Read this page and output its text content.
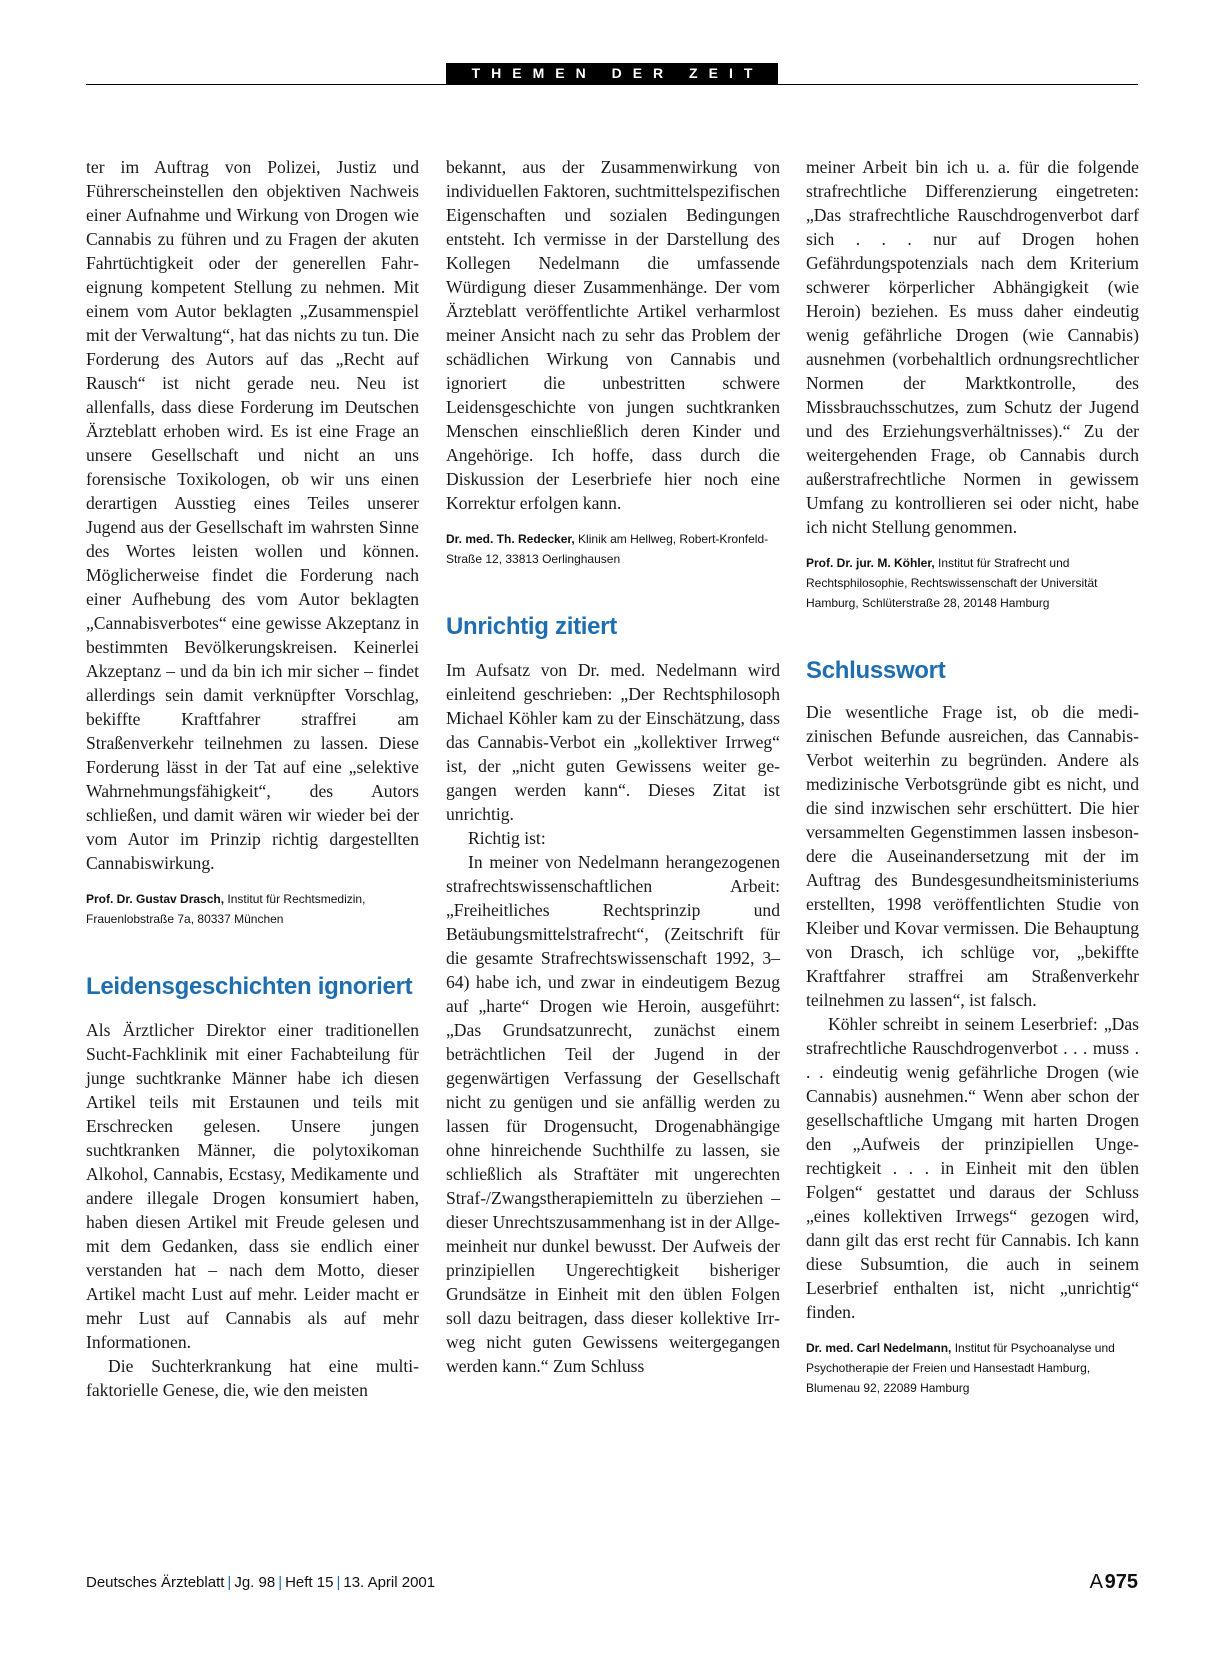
THEMEN DER ZEIT

ter im Auftrag von Polizei, Justiz und Führerscheinstellen den objektiven Nachweis einer Aufnahme und Wirkung von Drogen wie Cannabis zu führen und zu Fragen der akuten Fahrtüchtigkeit oder der generellen Fahreignung kompetent Stellung zu nehmen. Mit einem vom Autor beklagten „Zusammenspiel mit der Verwaltung“, hat das nichts zu tun. Die Forderung des Autors auf das „Recht auf Rausch“ ist nicht gerade neu. Neu ist allenfalls, dass diese Forderung im Deutschen Ärzteblatt erhoben wird. Es ist eine Frage an unsere Gesellschaft und nicht an uns forensische Toxikologen, ob wir uns einen derartigen Ausstieg eines Teiles unserer Jugend aus der Gesellschaft im wahrsten Sinne des Wortes leisten wollen und können. Möglicherweise findet die Forderung nach einer Aufhebung des vom Autor beklagten „Cannabisverbotes“ eine gewisse Akzeptanz in bestimmten Bevölkerungskreisen. Keinerlei Akzeptanz – und da bin ich mir sicher – findet allerdings sein damit verknüpfter Vorschlag, bekiffte Kraftfahrer straffrei am Straßenverkehr teilnehmen zu lassen. Diese Forderung lässt in der Tat auf eine „selektive Wahrnehmungsfähigkeit“, des Autors schließen, und damit wären wir wieder bei der vom Autor im Prinzip richtig dargestellten Cannabiswirkung.

Prof. Dr. Gustav Drasch, Institut für Rechtsmedizin, Frauenlobstraße 7a, 80337 München

Leidensgeschichten ignoriert

Als Ärztlicher Direktor einer traditionellen Sucht-Fachklinik mit einer Fachabteilung für junge suchtkranke Männer habe ich diesen Artikel teils mit Erstaunen und teils mit Erschrecken gelesen. Unsere jungen suchtkranken Männer, die polytoxikoman Alkohol, Cannabis, Ecstasy, Medikamente und andere illegale Drogen konsumiert haben, haben diesen Artikel mit Freude gelesen und mit dem Gedanken, dass sie endlich einer verstanden hat – nach dem Motto, dieser Artikel macht Lust auf mehr. Leider macht er mehr Lust auf Cannabis als auf mehr Informationen.

Die Suchterkrankung hat eine multifaktorielle Genese, die, wie den meisten

bekannt, aus der Zusammenwirkung von individuellen Faktoren, suchtmittelspezifischen Eigenschaften und sozialen Bedingungen entsteht. Ich vermisse in der Darstellung des Kollegen Nedelmann die umfassende Würdigung dieser Zusammenhänge. Der vom Ärzteblatt veröffentlichte Artikel verharmlost meiner Ansicht nach zu sehr das Problem der schädlichen Wirkung von Cannabis und ignoriert die unbestritten schwere Leidensgeschichte von jungen suchtkranken Menschen einschließlich deren Kinder und Angehörige. Ich hoffe, dass durch die Diskussion der Leserbriefe hier noch eine Korrektur erfolgen kann.

Dr. med. Th. Redecker, Klinik am Hellweg, Robert-Kronfeld-Straße 12, 33813 Oerlinghausen

Unrichtig zitiert

Im Aufsatz von Dr. med. Nedelmann wird einleitend geschrieben: „Der Rechtsphilosoph Michael Köhler kam zu der Einschätzung, dass das Cannabis-Verbot ein „kollektiver Irrweg“ ist, der „nicht guten Gewissens weiter gegangen werden kann“. Dieses Zitat ist unrichtig.

Richtig ist:

In meiner von Nedelmann herangezogenen strafrechtswissenschaftlichen Arbeit: „Freiheitliches Rechtsprinzip und Betäubungsmittelstrafrecht“, (Zeitschrift für die gesamte Strafrechtswissenschaft 1992, 3–64) habe ich, und zwar in eindeutigem Bezug auf „harte“ Drogen wie Heroin, ausgeführt: „Das Grundsatzunrecht, zunächst einem beträchtlichen Teil der Jugend in der gegenwärtigen Verfassung der Gesellschaft nicht zu genügen und sie anfällig werden zu lassen für Drogensucht, Drogenabhängige ohne hinreichende Suchthilfe zu lassen, sie schließlich als Straftäter mit ungerechten Straf-/Zwangstherapiemitteln zu überziehen – dieser Unrechtszusammenhang ist in der Allgemeinheit nur dunkel bewusst. Der Aufweis der prinzipiellen Ungerechtigkeit bisheriger Grundsätze in Einheit mit den üblen Folgen soll dazu beitragen, dass dieser kollektive Irrweg nicht guten Gewissens weitergegangen werden kann.“ Zum Schluss

meiner Arbeit bin ich u. a. für die folgende strafrechtliche Differenzierung eingetreten: „Das strafrechtliche Rauschdrogenverbot darf sich . . . nur auf Drogen hohen Gefährdungspotenzials nach dem Kriterium schwerer körperlicher Abhängigkeit (wie Heroin) beziehen. Es muss daher eindeutig wenig gefährliche Drogen (wie Cannabis) ausnehmen (vorbehaltlich ordnungsrechtlicher Normen der Marktkontrolle, des Missbrauchsschutzes, zum Schutz der Jugend und des Erziehungsverhältnisses).“ Zu der weitergehenden Frage, ob Cannabis durch außerstrafrechtliche Normen in gewissem Umfang zu kontrollieren sei oder nicht, habe ich nicht Stellung genommen.

Prof. Dr. jur. M. Köhler, Institut für Strafrecht und Rechtsphilosophie, Rechtswissenschaft der Universität Hamburg, Schlüterstraße 28, 20148 Hamburg

Schlusswort

Die wesentliche Frage ist, ob die medizinischen Befunde ausreichen, das Cannabis-Verbot weiterhin zu begründen. Andere als medizinische Verbotsgründe gibt es nicht, und die sind inzwischen sehr erschüttert. Die hier versammelten Gegenstimmen lassen insbesondere die Auseinandersetzung mit der im Auftrag des Bundesgesundheitsministeriums erstellten, 1998 veröffentlichten Studie von Kleiber und Kovar vermissen. Die Behauptung von Drasch, ich schlüge vor, „bekiffte Kraftfahrer straffrei am Straßenverkehr teilnehmen zu lassen“, ist falsch.

Köhler schreibt in seinem Leserbrief: „Das strafrechtliche Rauschdrogenverbot . . . muss . . . eindeutig wenig gefährliche Drogen (wie Cannabis) ausnehmen.“ Wenn aber schon der gesellschaftliche Umgang mit harten Drogen den „Aufweis der prinzipiellen Ungerechtigkeit . . . in Einheit mit den üblen Folgen“ gestattet und daraus der Schluss „eines kollektiven Irrwegs“ gezogen wird, dann gilt das erst recht für Cannabis. Ich kann diese Subsumtion, die auch in seinem Leserbrief enthalten ist, nicht „unrichtig“ finden.

Dr. med. Carl Nedelmann, Institut für Psychoanalyse und Psychotherapie der Freien und Hansestadt Hamburg, Blumenau 92, 22089 Hamburg

Deutsches Ärzteblatt | Jg. 98 | Heft 15 | 13. April 2001	A 975
